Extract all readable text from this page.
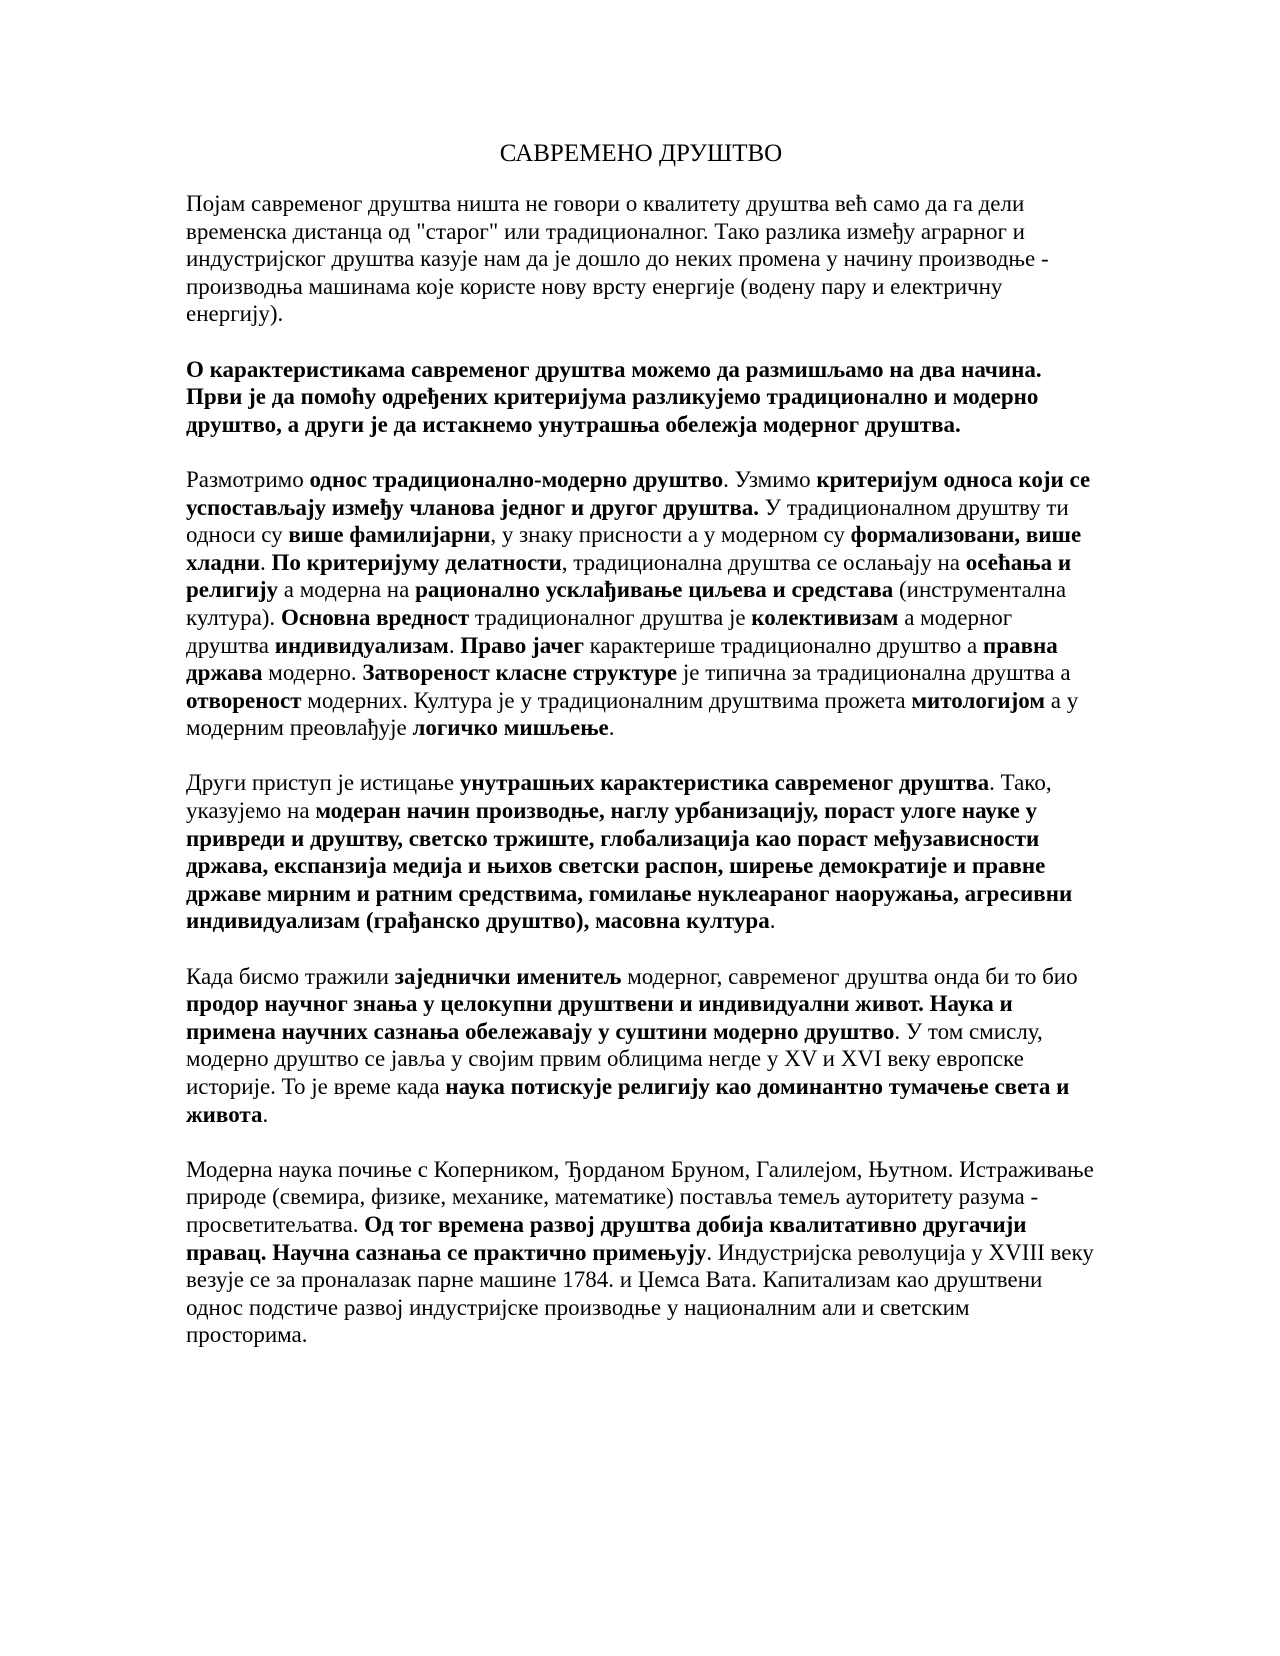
САВРЕМЕНО ДРУШТВО

Појам савременог друштва ништа не говори о квалитету друштва већ само да га дели временска дистанца од "старог" или традиционалног. Тако разлика између аграрног и индустријског друштва казује нам да је дошло до неких промена у начину производње - производња машинама које користе нову врсту енергије (водену пару и електричну енергију).

О карактеристикама савременог друштва можемо да размишљамо на два начина. Први је да помоћу одређених критеријума разликујемо традиционално и модерно друштво, а други је да истакнемо унутрашња обележја модерног друштва.

Размотримо однос традиционално-модерно друштво. Узмимо критеријум односа који се успостављају између чланова једног и другог друштва. У традиционалном друштву ти односи су више фамилијарни, у знаку присности а у модерном су формализовани, више хладни. По критеријуму делатности, традиционална друштва се ослањају на осећања и религију а модерна на рационално усклађивање циљева и средстава (инструментална култура). Основна вредност традиционалног друштва је колективизам а модерног друштва индивидуализам. Право јачег карактерише традиционално друштво а правна држава модерно. Затвореност класне структуре је типична за традиционална друштва а отвореност модерних. Култура је у традиционалним друштвима прожета митологијом а у модерним преовлађује логичко мишљење.

Други приступ је истицање унутрашњих карактеристика савременог друштва. Тако, указујемо на модеран начин производње, наглу урбанизацију, пораст улоге науке у привреди и друштву, светско тржиште, глобализација као пораст међузависности држава, експанзија медија и њихов светски распон, ширење демократије и правне државе мирним и ратним средствима, гомилање нуклеараног наоружања, агресивни индивидуализам (грађанско друштво), масовна култура.

Када бисмо тражили заједнички именитељ модерног, савременог друштва онда би то био продор научног знања у целокупни друштвени и индивидуални живот. Наука и примена научних сазнања обележавају у суштини модерно друштво. У том смислу, модерно друштво се јавља у својим првим облицима негде у XV и XVI веку европске историје. То је време када наука потискује религију као доминантно тумачење света и живота.

Модерна наука почиње с Коперником, Ђорданом Бруном, Галилејом, Њутном. Истраживање природе (свемира, физике, механике, математике) поставља темељ ауторитету разума - просветитељатва. Од тог времена развој друштва добија квалитативно другачији правац. Научна сазнања се практично примењују. Индустријска револуција у XVIII веку везује се за проналазак парне машине 1784. и Џемса Вата. Капитализам као друштвени однос подстиче развој индустријске производње у националним али и светским просторима.
